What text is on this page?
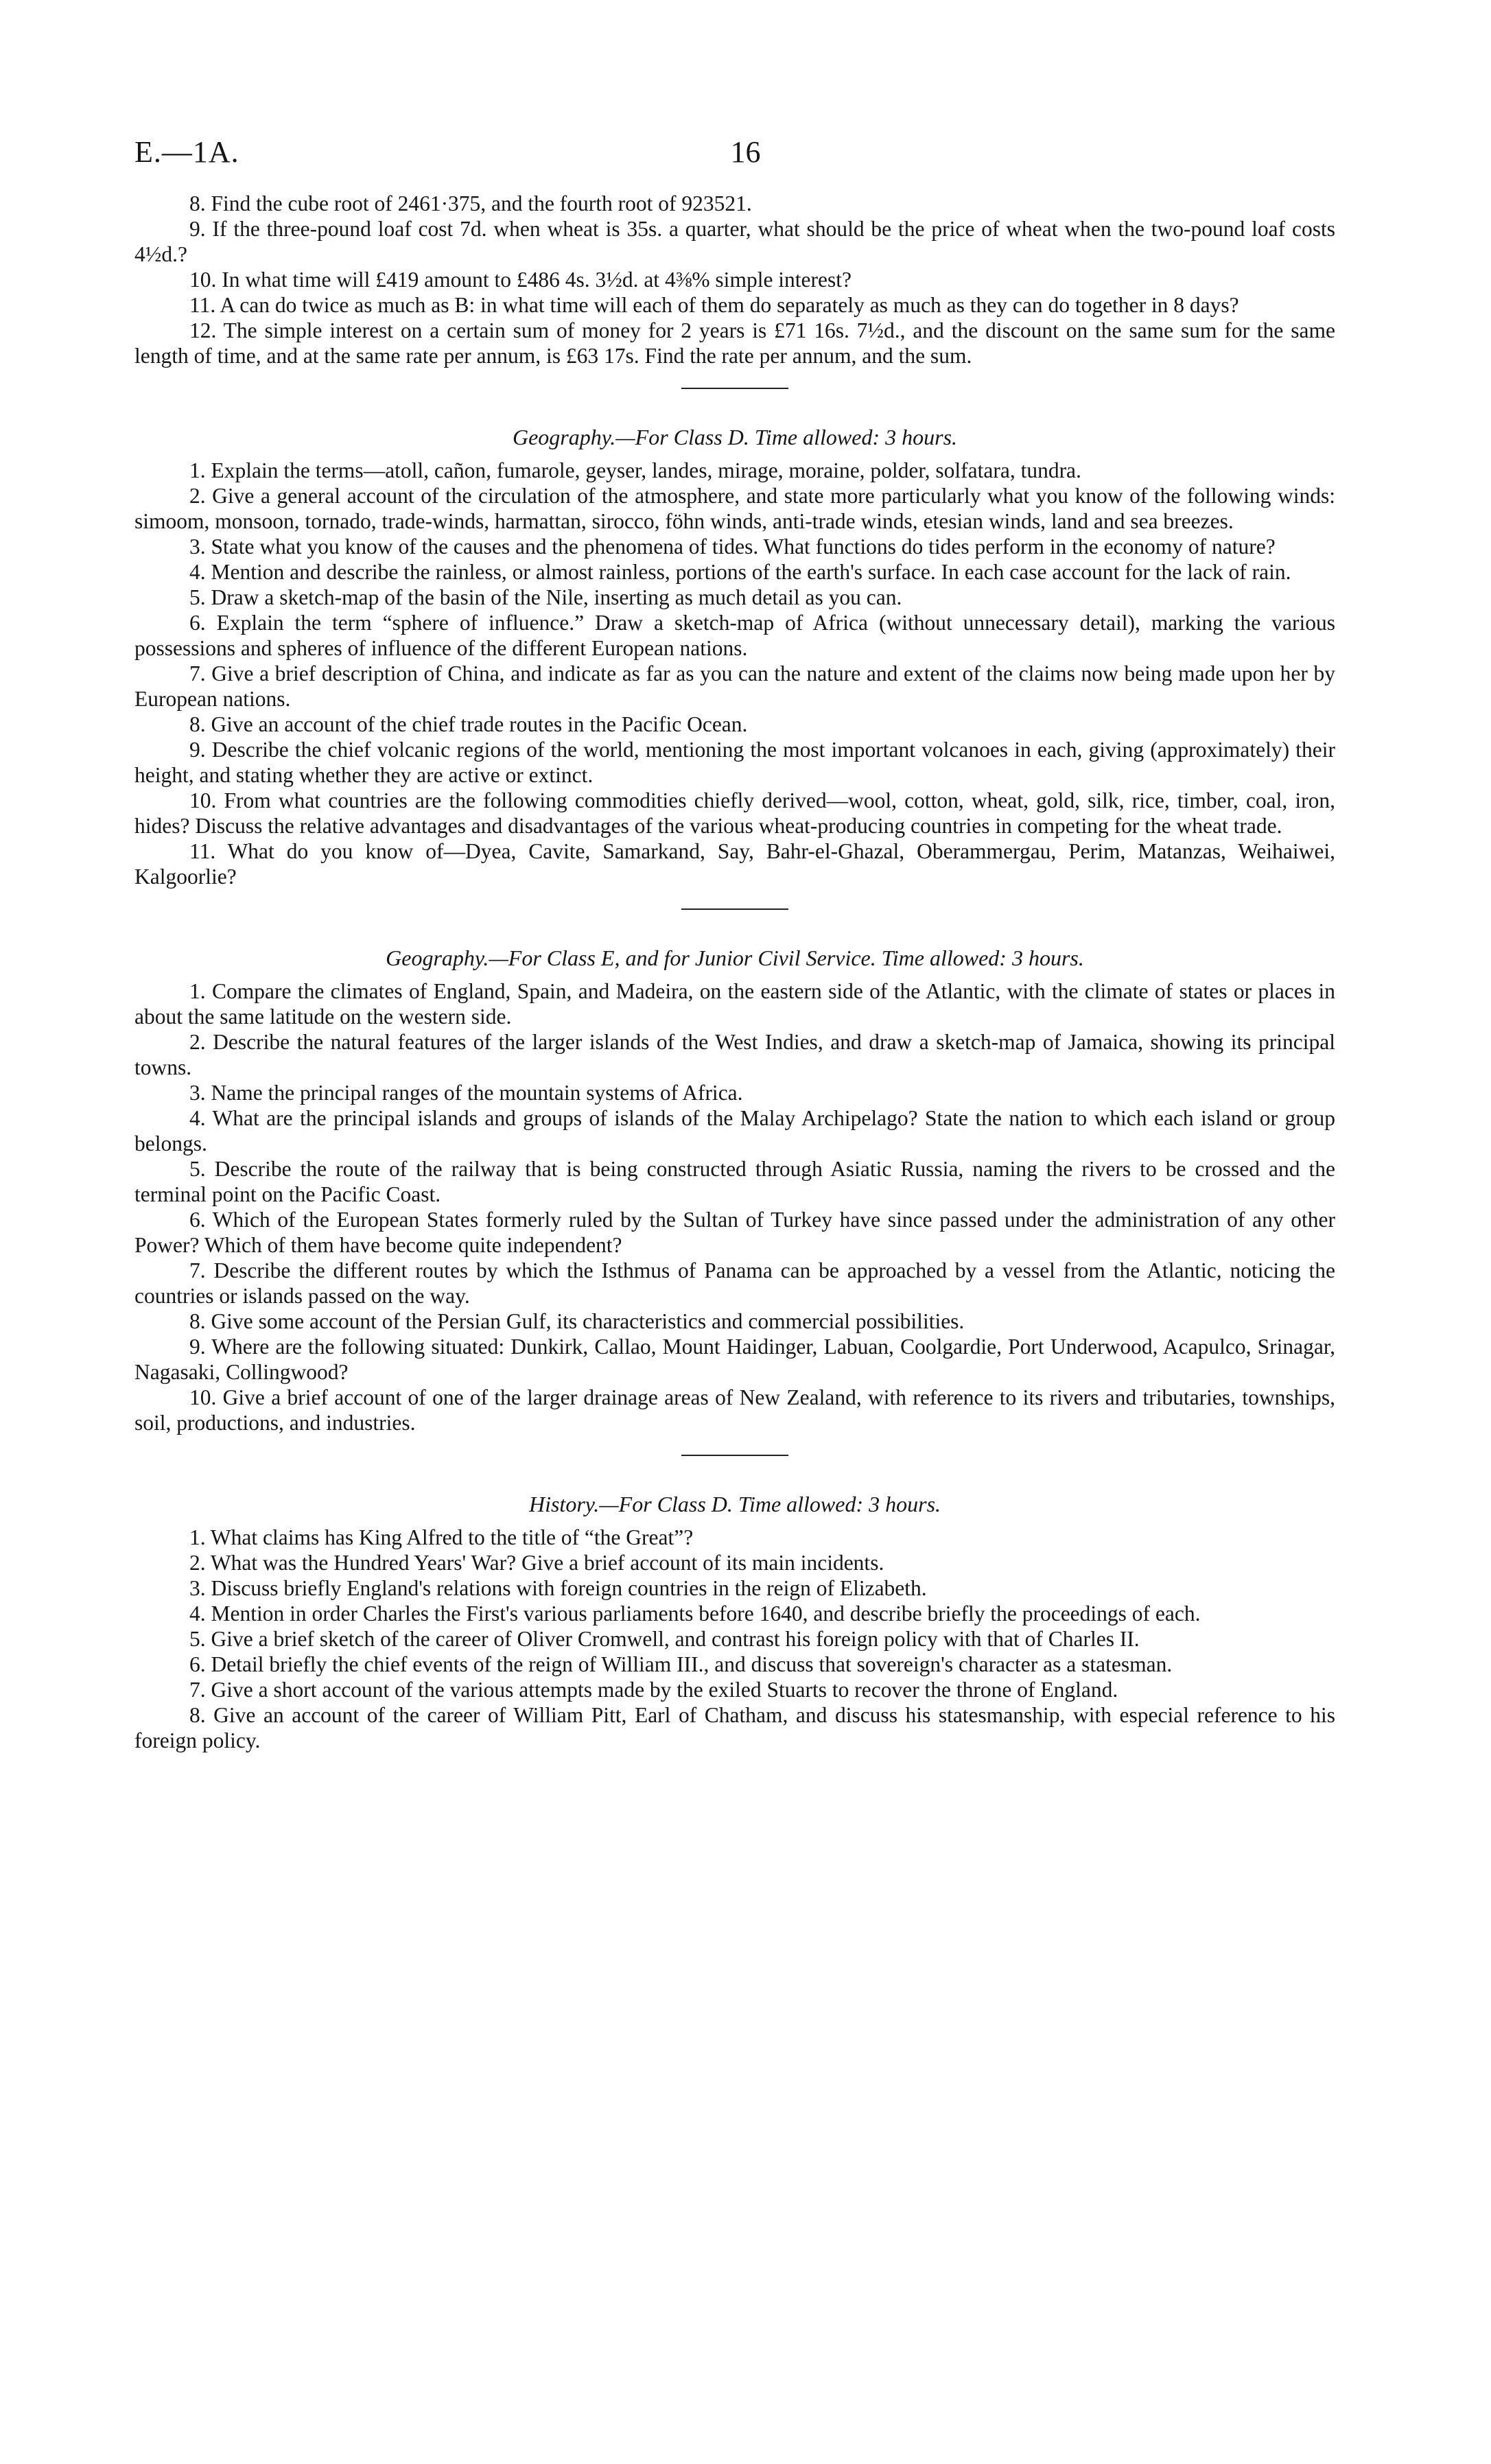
E.—1A.	16

8. Find the cube root of 2461·375, and the fourth root of 923521.

9. If the three-pound loaf cost 7d. when wheat is 35s. a quarter, what should be the price of wheat when the two-pound loaf costs 4½d.?

10. In what time will £419 amount to £486 4s. 3½d. at 4⅜% simple interest?

11. A can do twice as much as B: in what time will each of them do separately as much as they can do together in 8 days?

12. The simple interest on a certain sum of money for 2 years is £71 16s. 7½d., and the discount on the same sum for the same length of time, and at the same rate per annum, is £63 17s. Find the rate per annum, and the sum.

Geography.—For Class D. Time allowed: 3 hours.

1. Explain the terms—atoll, cañon, fumarole, geyser, landes, mirage, moraine, polder, solfatara, tundra.

2. Give a general account of the circulation of the atmosphere, and state more particularly what you know of the following winds: simoom, monsoon, tornado, trade-winds, harmattan, sirocco, föhn winds, anti-trade winds, etesian winds, land and sea breezes.

3. State what you know of the causes and the phenomena of tides. What functions do tides perform in the economy of nature?

4. Mention and describe the rainless, or almost rainless, portions of the earth's surface. In each case account for the lack of rain.

5. Draw a sketch-map of the basin of the Nile, inserting as much detail as you can.

6. Explain the term “sphere of influence.” Draw a sketch-map of Africa (without unnecessary detail), marking the various possessions and spheres of influence of the different European nations.

7. Give a brief description of China, and indicate as far as you can the nature and extent of the claims now being made upon her by European nations.

8. Give an account of the chief trade routes in the Pacific Ocean.

9. Describe the chief volcanic regions of the world, mentioning the most important volcanoes in each, giving (approximately) their height, and stating whether they are active or extinct.

10. From what countries are the following commodities chiefly derived—wool, cotton, wheat, gold, silk, rice, timber, coal, iron, hides? Discuss the relative advantages and disadvantages of the various wheat-producing countries in competing for the wheat trade.

11. What do you know of—Dyea, Cavite, Samarkand, Say, Bahr-el-Ghazal, Oberammergau, Perim, Matanzas, Weihaiwei, Kalgoorlie?

Geography.—For Class E, and for Junior Civil Service. Time allowed: 3 hours.

1. Compare the climates of England, Spain, and Madeira, on the eastern side of the Atlantic, with the climate of states or places in about the same latitude on the western side.

2. Describe the natural features of the larger islands of the West Indies, and draw a sketch-map of Jamaica, showing its principal towns.

3. Name the principal ranges of the mountain systems of Africa.

4. What are the principal islands and groups of islands of the Malay Archipelago? State the nation to which each island or group belongs.

5. Describe the route of the railway that is being constructed through Asiatic Russia, naming the rivers to be crossed and the terminal point on the Pacific Coast.

6. Which of the European States formerly ruled by the Sultan of Turkey have since passed under the administration of any other Power? Which of them have become quite independent?

7. Describe the different routes by which the Isthmus of Panama can be approached by a vessel from the Atlantic, noticing the countries or islands passed on the way.

8. Give some account of the Persian Gulf, its characteristics and commercial possibilities.

9. Where are the following situated: Dunkirk, Callao, Mount Haidinger, Labuan, Coolgardie, Port Underwood, Acapulco, Srinagar, Nagasaki, Collingwood?

10. Give a brief account of one of the larger drainage areas of New Zealand, with reference to its rivers and tributaries, townships, soil, productions, and industries.

History.—For Class D. Time allowed: 3 hours.

1. What claims has King Alfred to the title of “the Great”?

2. What was the Hundred Years' War? Give a brief account of its main incidents.

3. Discuss briefly England's relations with foreign countries in the reign of Elizabeth.

4. Mention in order Charles the First's various parliaments before 1640, and describe briefly the proceedings of each.

5. Give a brief sketch of the career of Oliver Cromwell, and contrast his foreign policy with that of Charles II.

6. Detail briefly the chief events of the reign of William III., and discuss that sovereign's character as a statesman.

7. Give a short account of the various attempts made by the exiled Stuarts to recover the throne of England.

8. Give an account of the career of William Pitt, Earl of Chatham, and discuss his statesmanship, with especial reference to his foreign policy.
